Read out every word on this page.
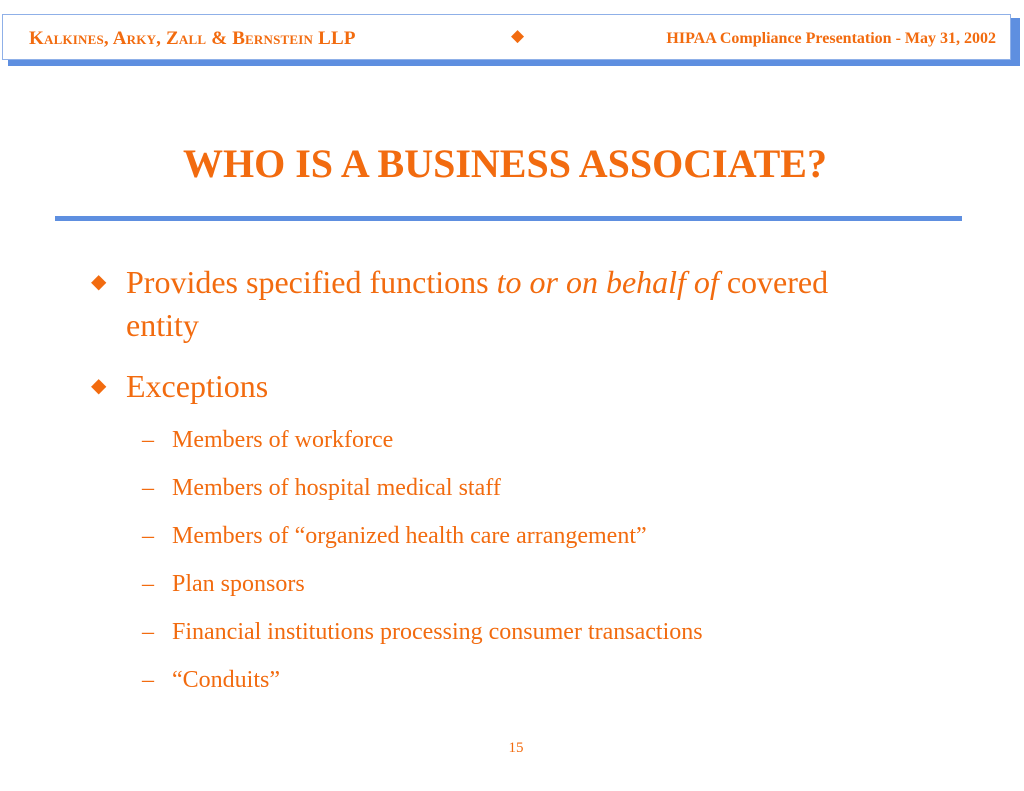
Kalkines, Arky, Zall & Bernstein LLP	◆	HIPAA Compliance Presentation - May 31, 2002
WHO IS A BUSINESS ASSOCIATE?
◆ Provides specified functions to or on behalf of covered
entity
◆ Exceptions
– Members of workforce
– Members of hospital medical staff
– Members of “organized health care arrangement”
– Plan sponsors
– Financial institutions processing consumer transactions
– “Conduits”
15
